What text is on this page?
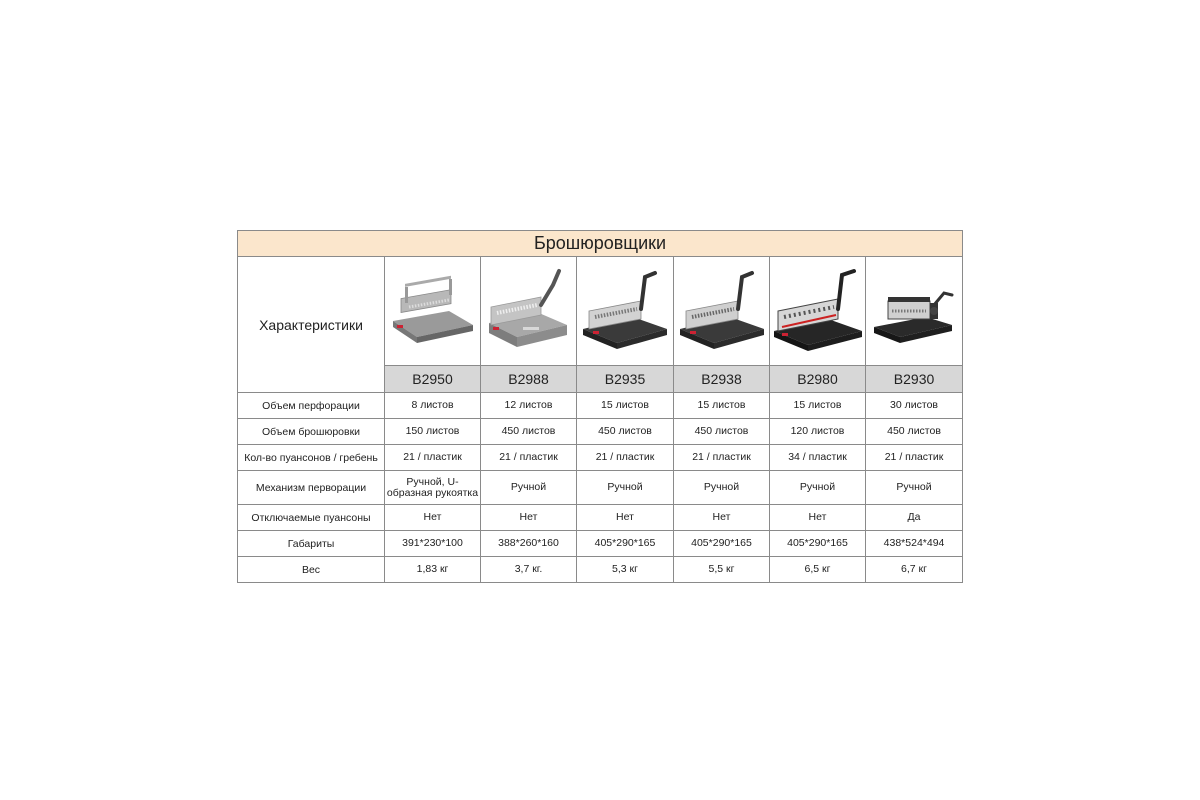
Брошюровщики						
Характеристики	

	B2950	B2988	B2935	B2938	B2980	B2930
Объем перфорации	8 листов	12 листов	15 листов	15 листов	15 листов	30 листов
Объем брошюровки	150 листов	450 листов	450 листов	450 листов	120 листов	450 листов
Кол-во пуансонов / гребень	21 / пластик	21 / пластик	21 / пластик	21 / пластик	34 / пластик	21 / пластик
Механизм перворации	Ручной, U-образная рукоятка	Ручной	Ручной	Ручной	Ручной	Ручной
Отключаемые пуансоны	Нет	Нет	Нет	Нет	Нет	Да
Габариты	391*230*100	388*260*160	405*290*165	405*290*165	405*290*165	438*524*494
Вес	1,83 кг	3,7 кг.	5,3 кг	5,5 кг	6,5 кг	6,7 кг
